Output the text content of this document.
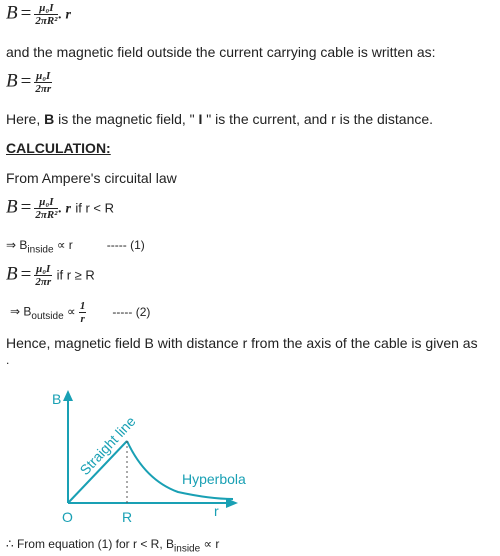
$B = \frac{\text{μ₀I}}{\text{2πR²}}$ . r
and the magnetic field outside the current carrying cable is written as:
$B = \frac{\text{μ₀I}}{2\pi r}$
Here, B is the magnetic field, " I " is the current, and r is the distance.
CALCULATION:
From Ampere's circuital law
$B = \frac{\text{μ₀I}}{\text{2πR²}}$ . r if r < R
⇒ $B_{inside} \propto r$	----- (1)
$B = \frac{\text{μ₀I}}{2\pi r}$ if r ≥ R
⇒ $B_{outside} \propto \frac{1}{r}$ ----- (2)
Hence, magnetic field B with distance r from the axis of the cable is given as
.
B
O	R	r
Straight line
Hyperbola
∴ From equation (1) for r < R, $B_{inside} \propto r$
